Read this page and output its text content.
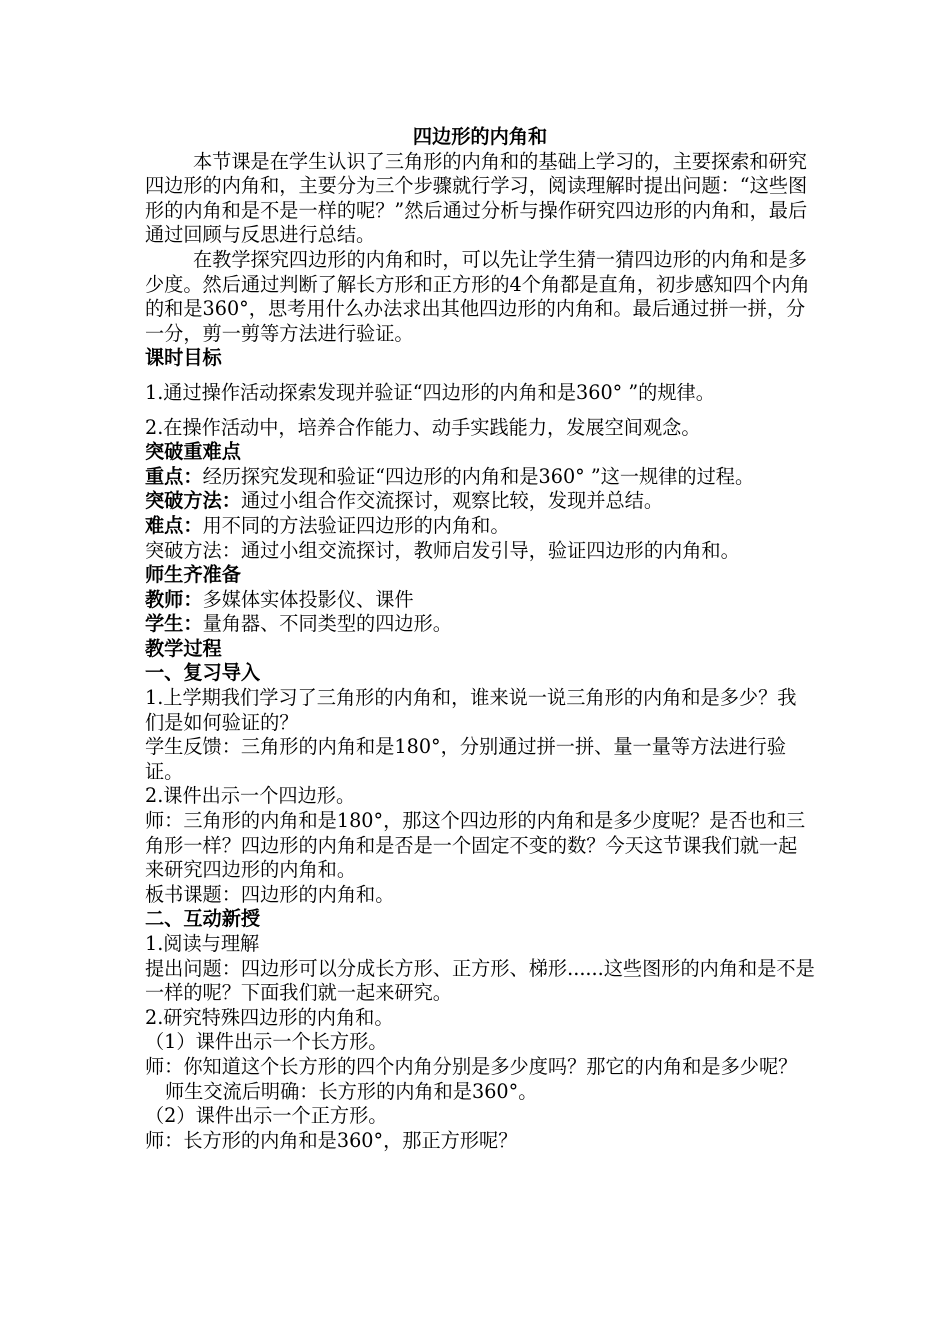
四边形的内角和

本节课是在学生认识了三角形的内角和的基础上学习的，主要探索和研究四边形的内角和，主要分为三个步骤就行学习，阅读理解时提出问题：“这些图形的内角和是不是一样的呢？”然后通过分析与操作研究四边形的内角和，最后通过回顾与反思进行总结。

在教学探究四边形的内角和时，可以先让学生猜一猜四边形的内角和是多少度。然后通过判断了解长方形和正方形的4个角都是直角，初步感知四个内角的和是360°，思考用什么办法求出其他四边形的内角和。最后通过拼一拼，分一分，剪一剪等方法进行验证。

课时目标

1.通过操作活动探索发现并验证“四边形的内角和是360° ”的规律。

2.在操作活动中，培养合作能力、动手实践能力，发展空间观念。

突破重难点

重点：经历探究发现和验证“四边形的内角和是360° ”这一规律的过程。

突破方法：通过小组合作交流探讨，观察比较，发现并总结。

难点：用不同的方法验证四边形的内角和。

突破方法：通过小组交流探讨，教师启发引导，验证四边形的内角和。

师生齐准备

教师：多媒体实体投影仪、课件

学生：量角器、不同类型的四边形。

教学过程

一、复习导入

1.上学期我们学习了三角形的内角和，谁来说一说三角形的内角和是多少？我们是如何验证的？

学生反馈：三角形的内角和是180°，分别通过拼一拼、量一量等方法进行验证。

2.课件出示一个四边形。

师：三角形的内角和是180°，那这个四边形的内角和是多少度呢？是否也和三角形一样？四边形的内角和是否是一个固定不变的数？今天这节课我们就一起来研究四边形的内角和。

板书课题：四边形的内角和。

二、互动新授

1.阅读与理解

提出问题：四边形可以分成长方形、正方形、梯形......这些图形的内角和是不是一样的呢？下面我们就一起来研究。

2.研究特殊四边形的内角和。

（1）课件出示一个长方形。

师：你知道这个长方形的四个内角分别是多少度吗？那它的内角和是多少呢？

师生交流后明确：长方形的内角和是360°。

（2）课件出示一个正方形。

师：长方形的内角和是360°，那正方形呢？
